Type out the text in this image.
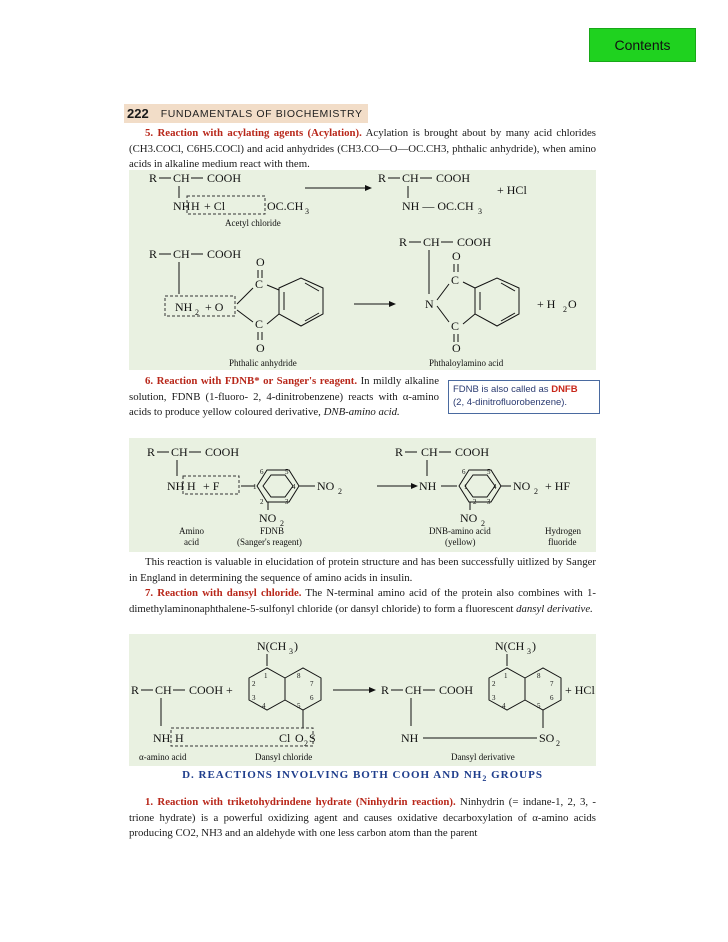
Contents
222 FUNDAMENTALS OF BIOCHEMISTRY

5. Reaction with acylating agents (Acylation). Acylation is brought about by many acid chlorides (CH3.COCl, C6H5.COCl) and acid anhydrides (CH3.CO—O—OC.CH3, phthalic anhydride), when amino acids in alkaline medium react with them.

R CH COOH
NH H + Cl	OC.CH 3
Acetyl chloride
R CH COOH
NH — OC.CH 3
+ HCl
R CH COOH
NH 2 + O
O
C
C
O
Phthalic anhydride
R CH COOH
N
O
C
C
O
+ H 2 O
Phthaloylamino acid

6. Reaction with FDNB* or Sanger's reagent. In mildly alkaline solution, FDNB (1-fluoro- 2, 4-dinitrobenzene) reacts with α-amino acids to produce yellow coloured derivative, DNB-amino acid.

FDNB is also called as DNFB
(2, 4-dinitrofluorobenzene).
R CH COOH
NH H + F
6	5
1	4
2	3
NO 2
NO 2
R CH COOH
NH
6	5
1	4
2 3
NO 2 + HF
NO 2
Amino
acid
FDNB
(Sanger's reagent)
DNB-amino acid
(yellow)
Hydrogen
fluoride

This reaction is valuable in elucidation of protein structure and has been successfully uitlized by Sanger in England in determining the sequence of amino acids in insulin.

7. Reaction with dansyl chloride. The N-terminal amino acid of the protein also combines with 1-dimethylaminonaphthalene-5-sulfonyl chloride (or dansyl chloride) to form a fluorescent dansyl derivative.

N(CH 3 )
1
2
3
4	5
6
7
8
R CH COOH +
NH H	Cl O 2 S
α-amino acid	Dansyl chloride
R CH COOH
NH	SO 2
N(CH 3 )
1
2
3
4	5
6
7
8
+ HCl
Dansyl derivative
D. REACTIONS INVOLVING BOTH COOH AND $NH_2$ GROUPS

1. Reaction with triketohydrindene hydrate (Ninhydrin reaction). Ninhydrin (= indane-1, 2, 3, -trione hydrate) is a powerful oxidizing agent and causes oxidative decarboxylation of α-amino acids producing CO2, NH3 and an aldehyde with one less carbon atom than the parent
